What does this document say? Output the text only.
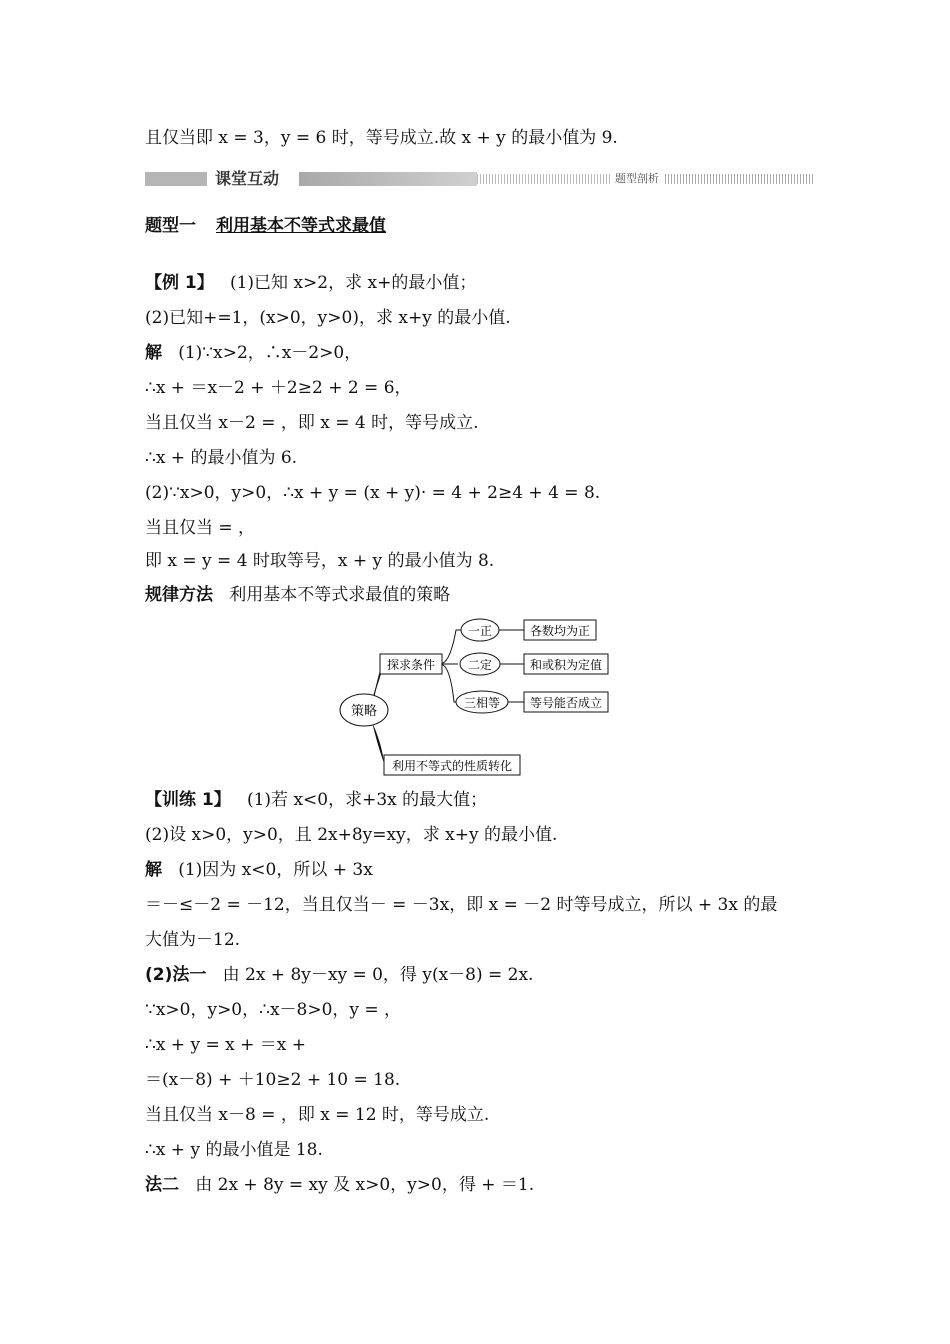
且仅当即 x = 3，y = 6 时，等号成立.故 x + y 的最小值为 9.
课堂互动	题型剖析
题型一 利用基本不等式求最值
【例 1】 (1)已知 x>2，求 x+的最小值；
(2)已知+=1，(x>0，y>0)，求 x+y 的最小值.
解 (1)∵x>2，∴x－2>0，
∴x + ＝x－2 + ＋2≥2 + 2 = 6，
当且仅当 x－2 = ，即 x = 4 时，等号成立.
∴x + 的最小值为 6.
(2)∵x>0，y>0，∴x + y = (x + y)· = 4 + 2≥4 + 4 = 8.
当且仅当 = ，
即 x = y = 4 时取等号，x + y 的最小值为 8.
规律方法 利用基本不等式求最值的策略
策略
探求条件
利用不等式的性质转化
一正
二定
三相等
各数均为正
和或积为定值
等号能否成立
【训练 1】 (1)若 x<0，求+3x 的最大值；
(2)设 x>0，y>0，且 2x+8y=xy，求 x+y 的最小值.
解 (1)因为 x<0，所以 + 3x
＝－≤－2 = －12，当且仅当－ = －3x，即 x = －2 时等号成立，所以 + 3x 的最
大值为－12.
(2)法一 由 2x + 8y－xy = 0，得 y(x－8) = 2x.
∵x>0，y>0，∴x－8>0，y = ，
∴x + y = x + ＝x +
＝(x－8) + ＋10≥2 + 10 = 18.
当且仅当 x－8 = ，即 x = 12 时，等号成立.
∴x + y 的最小值是 18.
法二 由 2x + 8y = xy 及 x>0，y>0，得 + ＝1.
